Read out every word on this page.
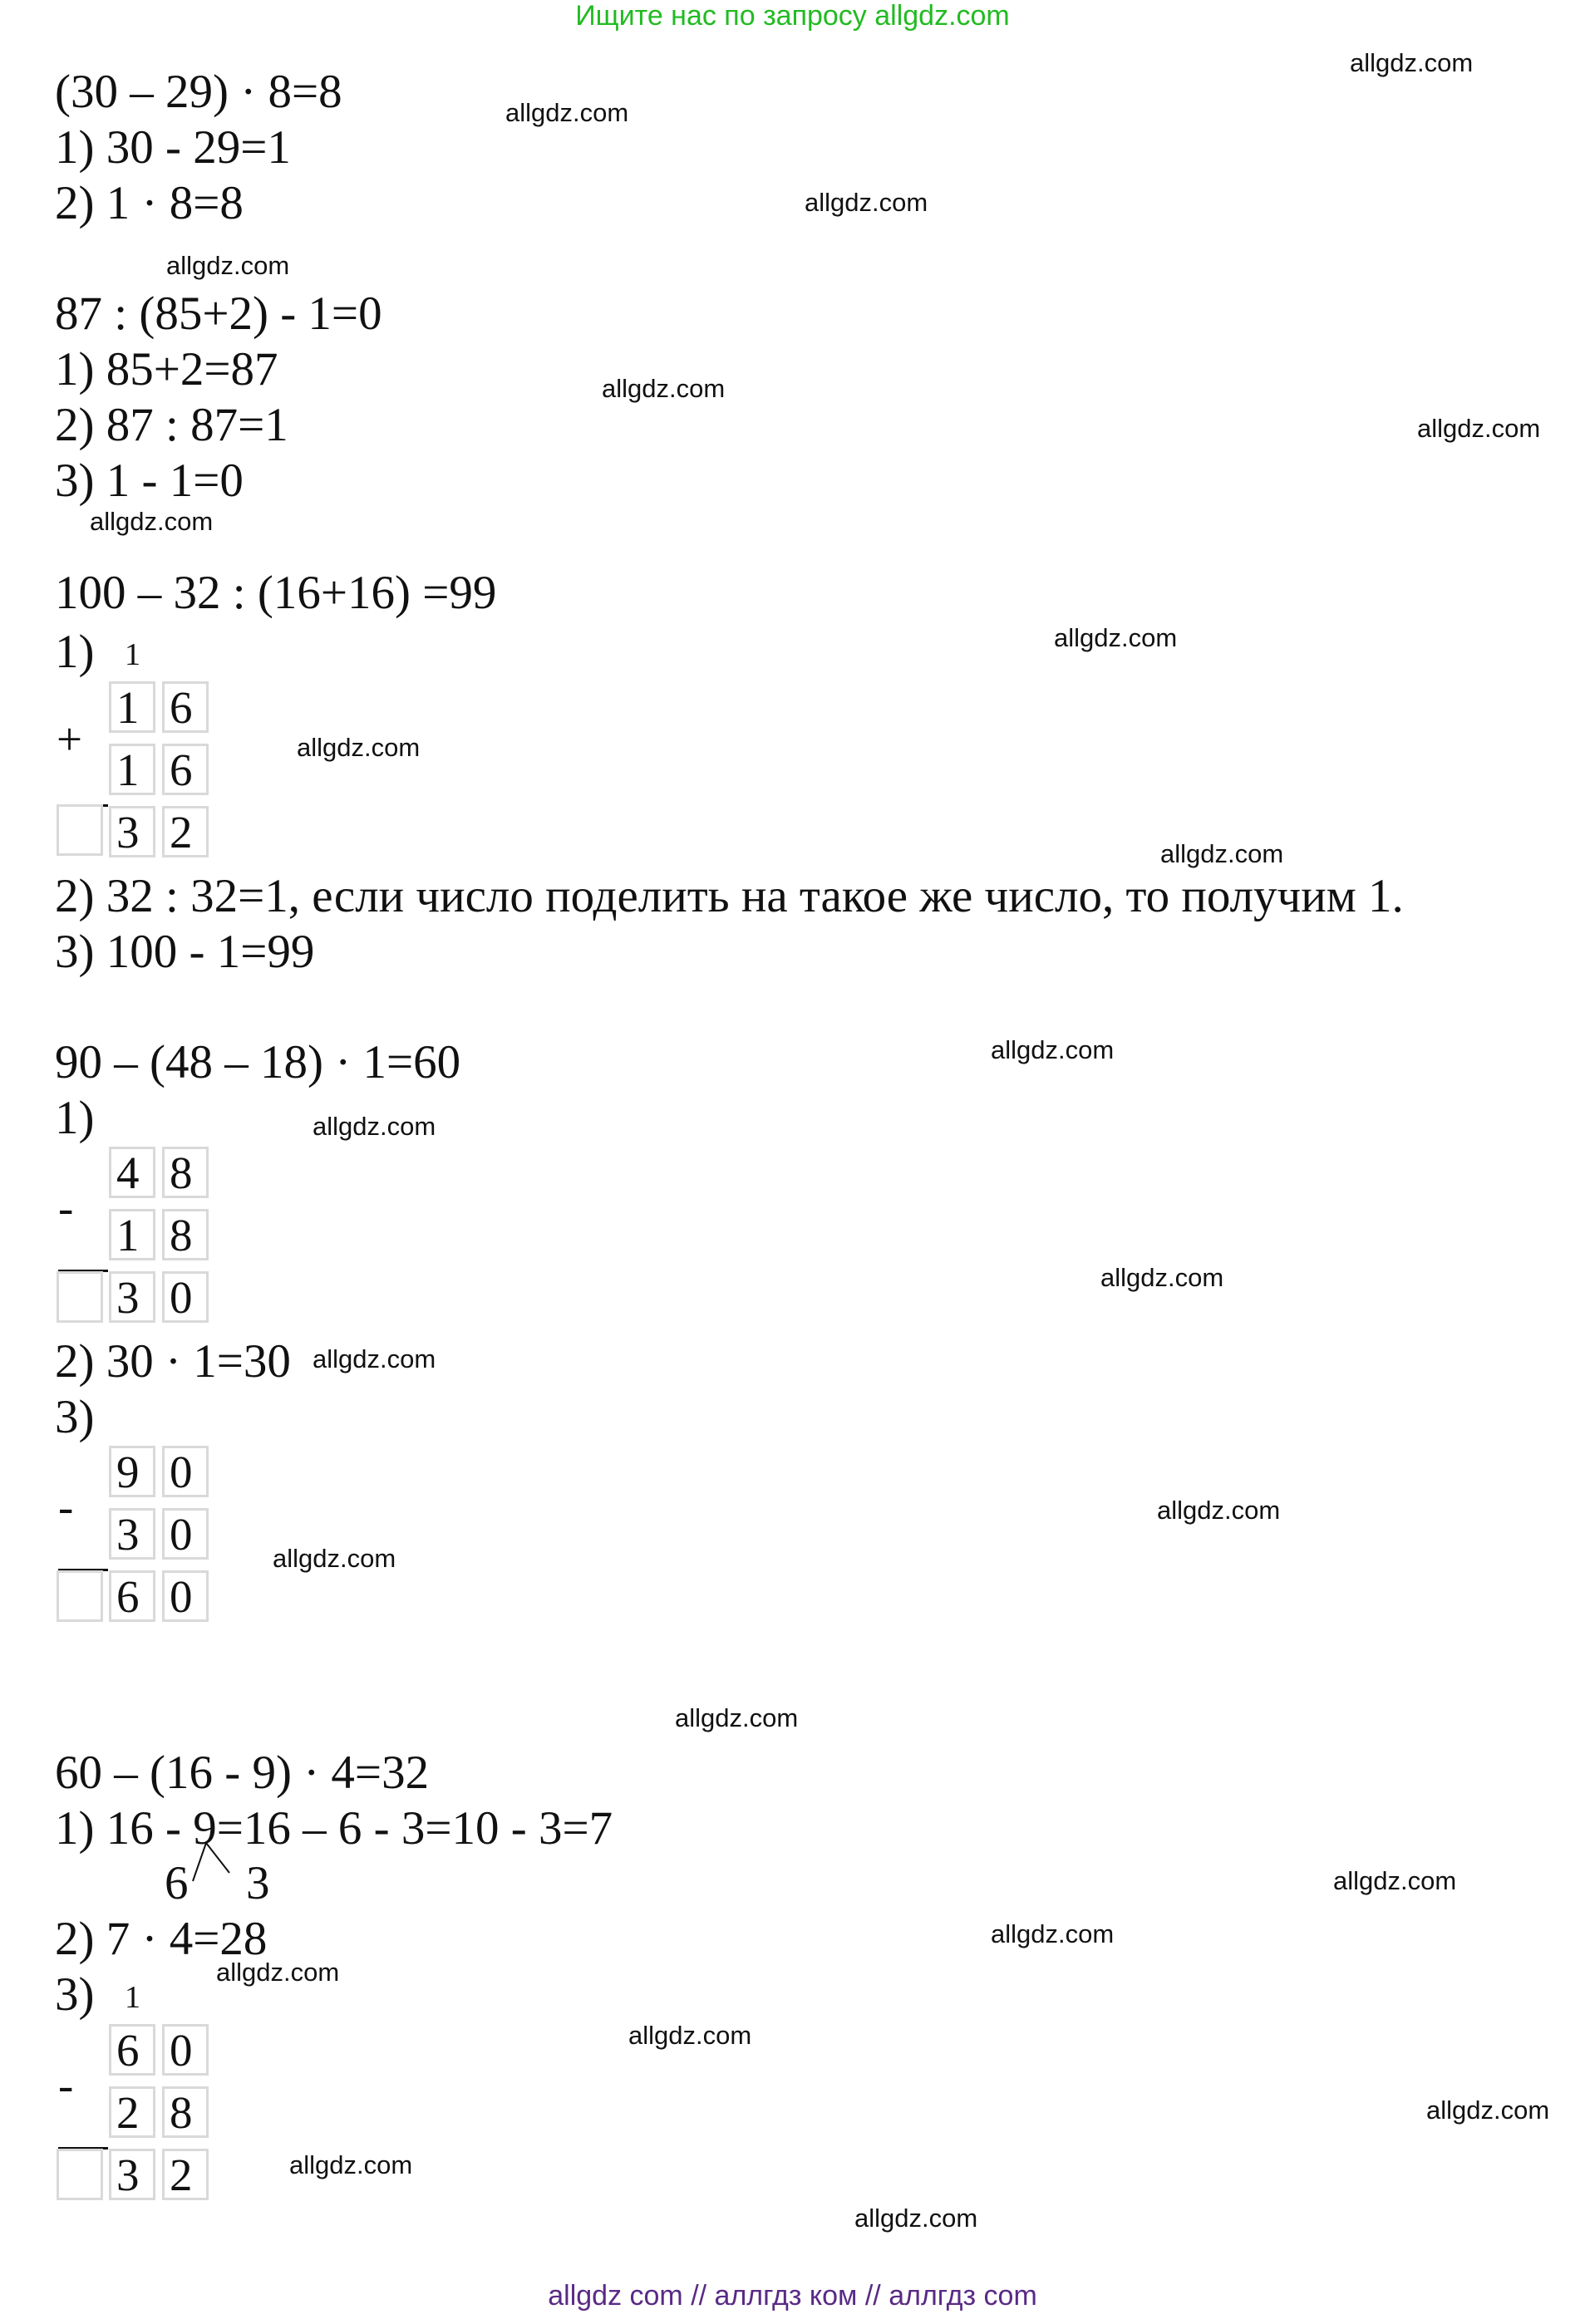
Ищите нас по запросу allgdz.com
(30 – 29) · 8=8
1) 30 - 29=1
2) 1 · 8=8
87 : (85+2) - 1=0
1) 85+2=87
2) 87 : 87=1
3) 1 - 1=0
100 – 32 : (16+16) =99
1) 1
+
1 6
1 6
3 2
2) 32 : 32=1, если число поделить на такое же число, то получим 1.
3) 100 - 1=99
90 – (48 – 18) · 1=60
1)
-
4 8
1 8
3 0
2) 30 · 1=30
3)
-
9 0
3 0
6 0
60 – (16 - 9) · 4=32
1) 16 - 9=16 – 6 - 3=10 - 3=7
6 3
2) 7 · 4=28
3) 1
-
6 0
2 8
3 2
allgdz.com
allgdz.com
allgdz.com
allgdz.com
allgdz.com
allgdz.com
allgdz.com
allgdz.com
allgdz.com
allgdz.com
allgdz.com
allgdz.com
allgdz.com
allgdz.com
allgdz.com
allgdz.com
allgdz.com
allgdz.com
allgdz.com
allgdz.com
allgdz.com
allgdz.com
allgdz.com
allgdz.com
allgdz com // аллгдз ком // аллгдз com
